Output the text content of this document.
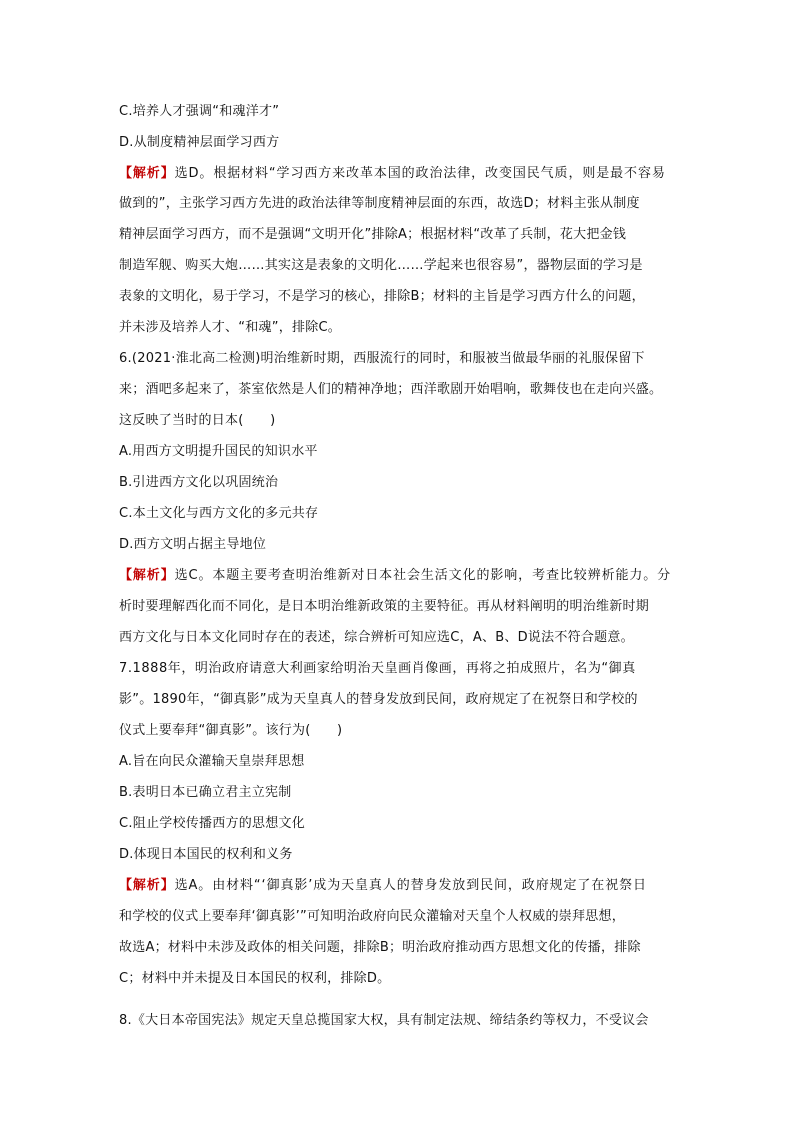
C.培养人才强调“和魂洋才”
D.从制度精神层面学习西方
【解析】选D。根据材料“学习西方来改革本国的政治法律，改变国民气质，则是最不容易
做到的”，主张学习西方先进的政治法律等制度精神层面的东西，故选D；材料主张从制度
精神层面学习西方，而不是强调“文明开化”排除A；根据材料“改革了兵制，花大把金钱
制造军舰、购买大炮……其实这是表象的文明化……学起来也很容易”，器物层面的学习是
表象的文明化，易于学习，不是学习的核心，排除B；材料的主旨是学习西方什么的问题，
并未涉及培养人才、“和魂”，排除C。
6.(2021·淮北高二检测)明治维新时期，西服流行的同时，和服被当做最华丽的礼服保留下
来；酒吧多起来了，茶室依然是人们的精神净地；西洋歌剧开始唱响，歌舞伎也在走向兴盛。
这反映了当时的日本(　　)
A.用西方文明提升国民的知识水平
B.引进西方文化以巩固统治
C.本土文化与西方文化的多元共存
D.西方文明占据主导地位
【解析】选C。本题主要考查明治维新对日本社会生活文化的影响，考查比较辨析能力。分
析时要理解西化而不同化，是日本明治维新政策的主要特征。再从材料阐明的明治维新时期
西方文化与日本文化同时存在的表述，综合辨析可知应选C，A、B、D说法不符合题意。
7.1888年，明治政府请意大利画家给明治天皇画肖像画，再将之拍成照片，名为“御真
影”。1890年，“御真影”成为天皇真人的替身发放到民间，政府规定了在祝祭日和学校的
仪式上要奉拜“御真影”。该行为(　　)
A.旨在向民众灌输天皇崇拜思想
B.表明日本已确立君主立宪制
C.阻止学校传播西方的思想文化
D.体现日本国民的权利和义务
【解析】选A。由材料“‘御真影’成为天皇真人的替身发放到民间，政府规定了在祝祭日
和学校的仪式上要奉拜‘御真影’”可知明治政府向民众灌输对天皇个人权威的崇拜思想，
故选A；材料中未涉及政体的相关问题，排除B；明治政府推动西方思想文化的传播，排除
C；材料中并未提及日本国民的权利，排除D。
8.《大日本帝国宪法》规定天皇总揽国家大权，具有制定法规、缔结条约等权力，不受议会
